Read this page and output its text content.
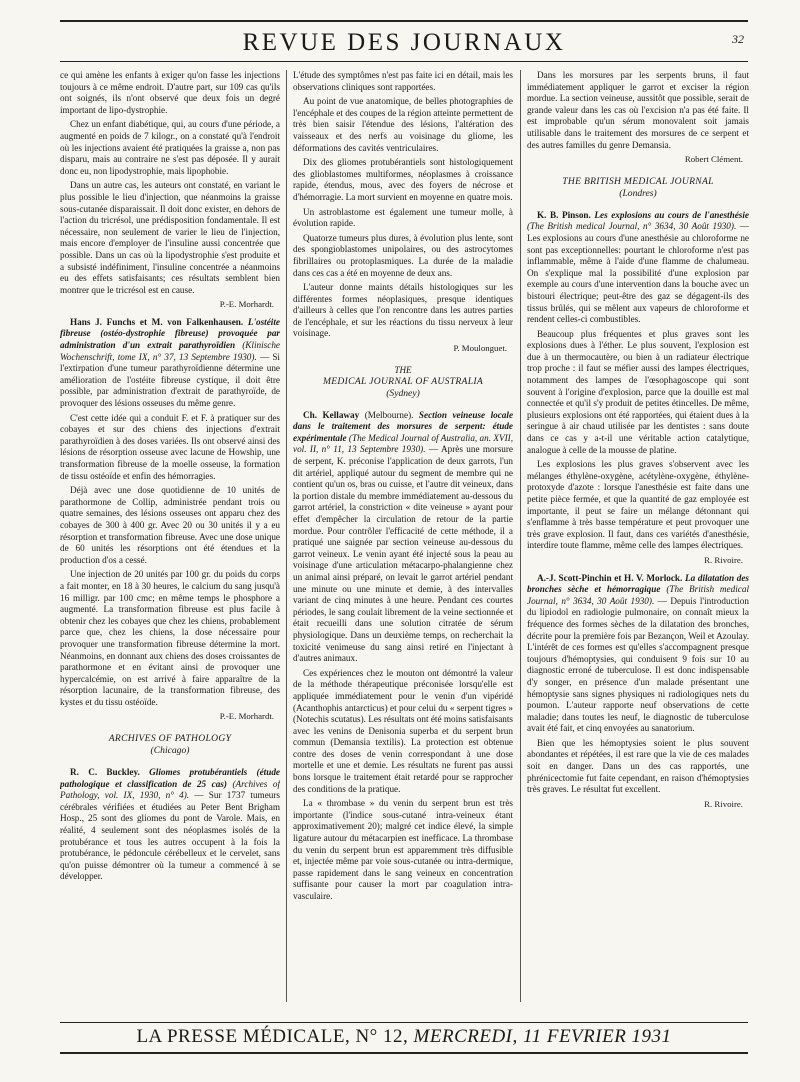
REVUE DES JOURNAUX	32

ce qui amène les enfants à exiger qu'on fasse les injections toujours à ce même endroit. D'autre part, sur 109 cas qu'ils ont soignés, ils n'ont observé que deux fois un degré important de lipo-dystrophie.

Chez un enfant diabétique, qui, au cours d'une période, a augmenté en poids de 7 kilogr., on a constaté qu'à l'endroit où les injections avaient été pratiquées la graisse a, non pas disparu, mais au contraire ne s'est pas déposée. Il y aurait donc eu, non lipodystrophie, mais lipophobie.

Dans un autre cas, les auteurs ont constaté, en variant le plus possible le lieu d'injection, que néanmoins la graisse sous-cutanée disparaissait. Il doit donc exister, en dehors de l'action du tricrésol, une prédisposition fondamentale. Il est nécessaire, non seulement de varier le lieu de l'injection, mais encore d'employer de l'insuline aussi concentrée que possible. Dans un cas où la lipodystrophie s'est produite et a subsisté indéfiniment, l'insuline concentrée a néanmoins eu des effets satisfaisants; ces résultats semblent bien montrer que le tricrésol est en cause.

P.-E. Morhardt.

Hans J. Funchs et M. von Falkenhausen. L'ostéite fibreuse (ostéo-dystrophie fibreuse) provoquée par administration d'un extrait parathyroïdien (Klinische Wochenschrift, tome IX, n° 37, 13 Septembre 1930). — Si l'extirpation d'une tumeur parathyroïdienne détermine une amélioration de l'ostéite fibreuse cystique, il doit être possible, par administration d'extrait de parathyroïde, de provoquer des lésions osseuses du même genre.

C'est cette idée qui a conduit F. et F. à pratiquer sur des cobayes et sur des chiens des injections d'extrait parathyroïdien à des doses variées. Ils ont observé ainsi des lésions de résorption osseuse avec lacune de Howship, une transformation fibreuse de la moelle osseuse, la formation de tissu ostéoïde et enfin des hémorragies.

Déjà avec une dose quotidienne de 10 unités de parathormone de Collip, administrée pendant trois ou quatre semaines, des lésions osseuses ont apparu chez des cobayes de 300 à 400 gr. Avec 20 ou 30 unités il y a eu résorption et transformation fibreuse. Avec une dose unique de 60 unités les résorptions ont été étendues et la production d'os a cessé.

Une injection de 20 unités par 100 gr. du poids du corps a fait monter, en 18 à 30 heures, le calcium du sang jusqu'à 16 milligr. par 100 cmc; en même temps le phosphore a augmenté. La transformation fibreuse est plus facile à obtenir chez les cobayes que chez les chiens, probablement parce que, chez les chiens, la dose nécessaire pour provoquer une transformation fibreuse détermine la mort. Néanmoins, en donnant aux chiens des doses croissantes de parathormone et en évitant ainsi de provoquer une hypercalcémie, on est arrivé à faire apparaître de la résorption lacunaire, de la transformation fibreuse, des kystes et du tissu ostéoïde.

P.-E. Morhardt.
ARCHIVES OF PATHOLOGY
(Chicago)

R. C. Buckley. Gliomes protubérantiels (étude pathologique et classification de 25 cas) (Archives of Pathology, vol. IX, 1930, n° 4). — Sur 1737 tumeurs cérébrales vérifiées et étudiées au Peter Bent Brigham Hosp., 25 sont des gliomes du pont de Varole. Mais, en réalité, 4 seulement sont des néoplasmes isolés de la protubérance et tous les autres occupent à la fois la protubérance, le pédoncule cérébelleux et le cervelet, sans qu'on puisse démontrer où la tumeur a commencé à se développer.

L'étude des symptômes n'est pas faite ici en détail, mais les observations cliniques sont rapportées.

Au point de vue anatomique, de belles photographies de l'encéphale et des coupes de la région atteinte permettent de très bien saisir l'étendue des lésions, l'altération des vaisseaux et des nerfs au voisinage du gliome, les déformations des cavités ventriculaires.

Dix des gliomes protubérantiels sont histologiquement des glioblastomes multiformes, néoplasmes à croissance rapide, étendus, mous, avec des foyers de nécrose et d'hémorragie. La mort survient en moyenne en quatre mois.

Un astroblastome est également une tumeur molle, à évolution rapide.

Quatorze tumeurs plus dures, à évolution plus lente, sont des spongioblastomes unipolaires, ou des astrocytomes fibrillaires ou protoplasmiques. La durée de la maladie dans ces cas a été en moyenne de deux ans.

L'auteur donne maints détails histologiques sur les différentes formes néoplasiques, presque identiques d'ailleurs à celles que l'on rencontre dans les autres parties de l'encéphale, et sur les réactions du tissu nerveux à leur voisinage.

P. Moulonguet.
THE
MEDICAL JOURNAL OF AUSTRALIA
(Sydney)

Ch. Kellaway (Melbourne). Section veineuse locale dans le traitement des morsures de serpent: étude expérimentale (The Medical Journal of Australia, an. XVII, vol. II, n° 11, 13 Septembre 1930). — Après une morsure de serpent, K. préconise l'application de deux garrots, l'un dit artériel, appliqué autour du segment de membre qui ne contient qu'un os, bras ou cuisse, et l'autre dit veineux, dans la portion distale du membre immédiatement au-dessous du garrot artériel, la constriction « dite veineuse » ayant pour effet d'empêcher la circulation de retour de la partie mordue. Pour contrôler l'efficacité de cette méthode, il a pratiqué une saignée par section veineuse au-dessous du garrot veineux. Le venin ayant été injecté sous la peau au voisinage d'une articulation métacarpo-phalangienne chez un animal ainsi préparé, on levait le garrot artériel pendant une minute ou une minute et demie, à des intervalles variant de cinq minutes à une heure. Pendant ces courtes périodes, le sang coulait librement de la veine sectionnée et était recueilli dans une solution citratée de sérum physiologique. Dans un deuxième temps, on recherchait la toxicité venimeuse du sang ainsi retiré en l'injectant à d'autres animaux.

Ces expériences chez le mouton ont démontré la valeur de la méthode thérapeutique préconisée lorsqu'elle est appliquée immédiatement pour le venin d'un vipéridé (Acanthophis antarcticus) et pour celui du « serpent tigres » (Notechis scutatus). Les résultats ont été moins satisfaisants avec les venins de Denisonia superba et du serpent brun commun (Demansia textilis). La protection est obtenue contre des doses de venin correspondant à une dose mortelle et une et demie. Les résultats ne furent pas aussi bons lorsque le traitement était retardé pour se rapprocher des conditions de la pratique.

La « thrombase » du venin du serpent brun est très importante (l'indice sous-cutané intra-veineux étant approximativement 20); malgré cet indice élevé, la simple ligature autour du métacarpien est inefficace. La thrombase du venin du serpent brun est apparemment très diffusible et, injectée même par voie sous-cutanée ou intra-dermique, passe rapidement dans le sang veineux en concentration suffisante pour causer la mort par coagulation intra-vasculaire.

Dans les morsures par les serpents bruns, il faut immédiatement appliquer le garrot et exciser la région mordue. La section veineuse, aussitôt que possible, serait de grande valeur dans les cas où l'excision n'a pas été faite. Il est improbable qu'un sérum monovalent soit jamais utilisable dans le traitement des morsures de ce serpent et des autres familles du genre Demansia.

Robert Clément.
THE BRITISH MEDICAL JOURNAL
(Londres)

K. B. Pinson. Les explosions au cours de l'anesthésie (The British medical Journal, n° 3634, 30 Août 1930). — Les explosions au cours d'une anesthésie au chloroforme ne sont pas exceptionnelles: pourtant le chloroforme n'est pas inflammable, même à l'aide d'une flamme de chalumeau. On s'explique mal la possibilité d'une explosion par exemple au cours d'une intervention dans la bouche avec un bistouri électrique; peut-être des gaz se dégagent-ils des tissus brûlés, qui se mêlent aux vapeurs de chloroforme et rendent celles-ci combustibles.

Beaucoup plus fréquentes et plus graves sont les explosions dues à l'éther. Le plus souvent, l'explosion est due à un thermocautère, ou bien à un radiateur électrique trop proche : il faut se méfier aussi des lampes électriques, notamment des lampes de l'œsophagoscope qui sont souvent à l'origine d'explosion, parce que la douille est mal connectée et qu'il s'y produit de petites étincelles. De même, plusieurs explosions ont été rapportées, qui étaient dues à la seringue à air chaud utilisée par les dentistes : sans doute dans ce cas y a-t-il une véritable action catalytique, analogue à celle de la mousse de platine.

Les explosions les plus graves s'observent avec les mélanges éthylène-oxygène, acétylène-oxygène, éthylène-protoxyde d'azote : lorsque l'anesthésie est faite dans une petite pièce fermée, et que la quantité de gaz employée est importante, il peut se faire un mélange détonnant qui s'enflamme à très basse température et peut provoquer une très grave explosion. Il faut, dans ces variétés d'anesthésie, interdire toute flamme, même celle des lampes électriques.

R. Rivoire.

A.-J. Scott-Pinchin et H. V. Morlock. La dilatation des bronches sèche et hémorragique (The British medical Journal, n° 3634, 30 Août 1930). — Depuis l'introduction du lipiodol en radiologie pulmonaire, on connaît mieux la fréquence des formes sèches de la dilatation des bronches, décrite pour la première fois par Bezançon, Weil et Azoulay. L'intérêt de ces formes est qu'elles s'accompagnent presque toujours d'hémoptysies, qui conduisent 9 fois sur 10 au diagnostic erroné de tuberculose. Il est donc indispensable d'y songer, en présence d'un malade présentant une hémoptysie sans signes physiques ni radiologiques nets du poumon. L'auteur rapporte neuf observations de cette maladie; dans toutes les neuf, le diagnostic de tuberculose avait été fait, et cinq envoyées au sanatorium.

Bien que les hémoptysies soient le plus souvent abondantes et répétées, il est rare que la vie de ces malades soit en danger. Dans un des cas rapportés, une phrénicectomie fut faite cependant, en raison d'hémoptysies très graves. Le résultat fut excellent.

R. Rivoire.
LA PRESSE MÉDICALE, N° 12, MERCREDI, 11 FEVRIER 1931
